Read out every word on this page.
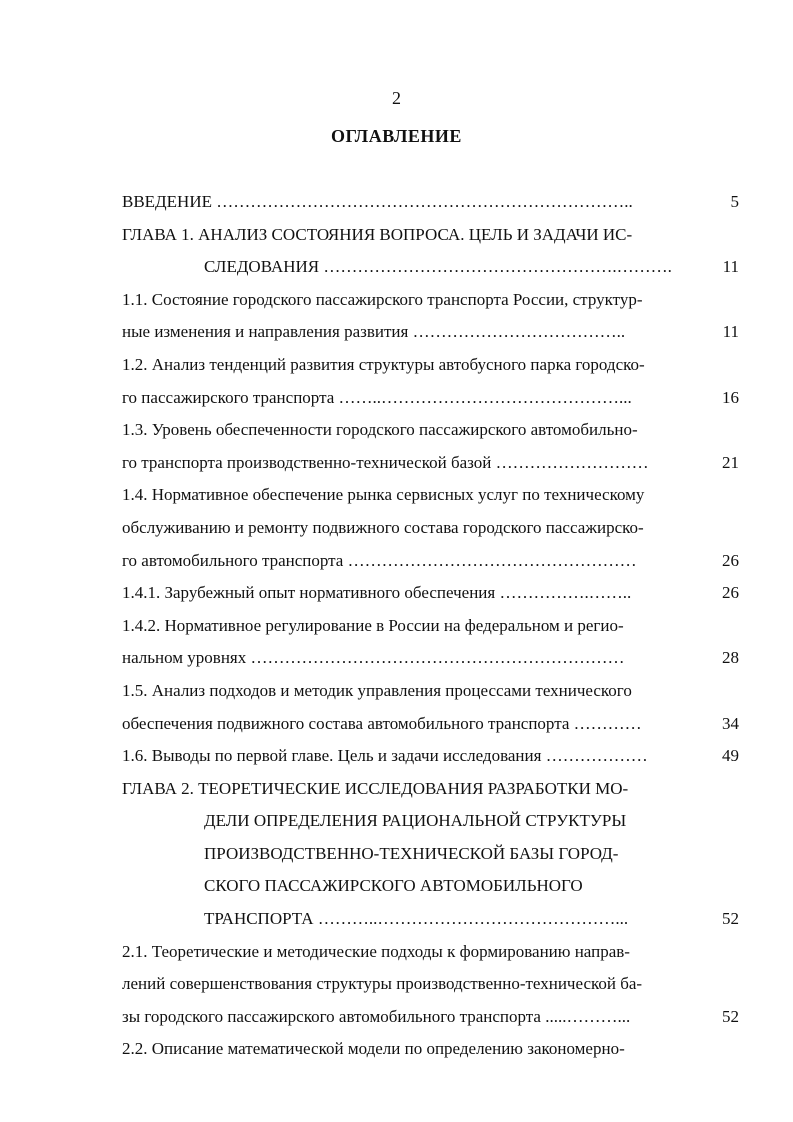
2
ОГЛАВЛЕНИЕ
ВВЕДЕНИЕ ………………………………………………………………..	5
ГЛАВА 1. АНАЛИЗ СОСТОЯНИЯ ВОПРОСА. ЦЕЛЬ И ЗАДАЧИ ИС-
СЛЕДОВАНИЯ …………………………………………….……….	11
1.1. Состояние городского пассажирского транспорта России, структур-
ные изменения и направления развития ………………………………..	11
1.2. Анализ тенденций развития структуры автобусного парка городско-
го пассажирского транспорта ……..……………………………………...	16
1.3. Уровень обеспеченности городского пассажирского автомобильно-
го транспорта производственно-технической базой ………………………	21
1.4. Нормативное обеспечение рынка сервисных услуг по техническому
обслуживанию и ремонту подвижного состава городского пассажирско-
го автомобильного транспорта ……………………………………………	26
1.4.1. Зарубежный опыт нормативного обеспечения …………….……..	26
1.4.2. Нормативное регулирование в России на федеральном и регио-
нальном уровнях …………………………………………………………	28
1.5. Анализ подходов и методик управления процессами технического
обеспечения подвижного состава автомобильного транспорта …………	34
1.6. Выводы по первой главе. Цель и задачи исследования ………………	49
ГЛАВА 2. ТЕОРЕТИЧЕСКИЕ ИССЛЕДОВАНИЯ РАЗРАБОТКИ МО-
ДЕЛИ ОПРЕДЕЛЕНИЯ РАЦИОНАЛЬНОЙ СТРУКТУРЫ
ПРОИЗВОДСТВЕННО-ТЕХНИЧЕСКОЙ БАЗЫ ГОРОД-
СКОГО ПАССАЖИРСКОГО АВТОМОБИЛЬНОГО
ТРАНСПОРТА ………..……………………………………...	52
2.1. Теоретические и методические подходы к формированию направ-
лений совершенствования структуры производственно-технической ба-
зы городского пассажирского автомобильного транспорта .....………...	52
2.2. Описание математической модели по определению закономерно-
